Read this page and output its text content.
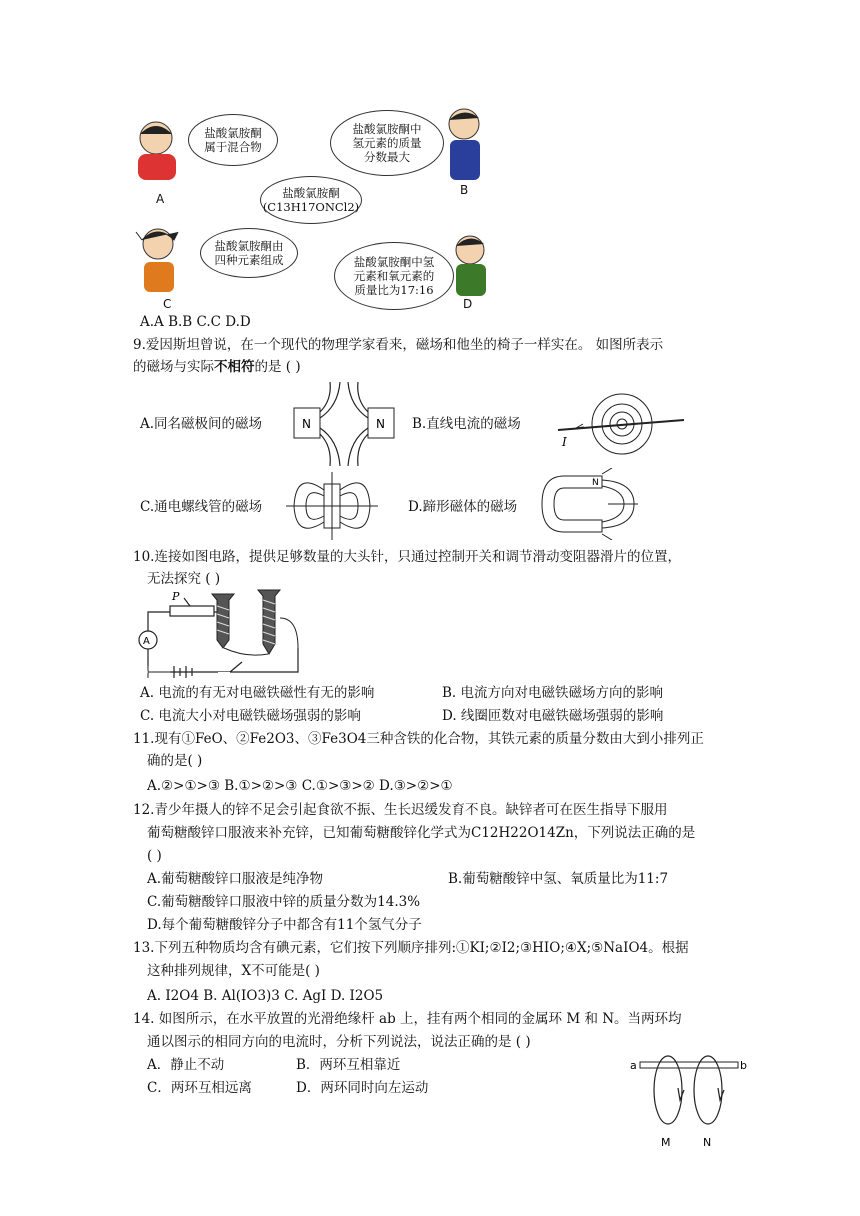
盐酸氯胺酮
属于混合物
A
盐酸氯胺酮中
氢元素的质量
分数最大
B
盐酸氯胺酮
(C13H17ONCl2)
盐酸氯胺酮由
四种元素组成
C
盐酸氯胺酮中氢
元素和氧元素的
质量比为17:16
D
A.A B.B C.C D.D
9.爱因斯坦曾说，在一个现代的物理学家看来，磁场和他坐的椅子一样实在。 如图所表示
的磁场与实际不相符的是 ( )
A.同名磁极间的磁场	N	N B.直线电流的磁场
I
C.通电螺线管的磁场	D.蹄形磁体的磁场
N
10.连接如图电路，提供足够数量的大头针，只通过控制开关和调节滑动变阻器滑片的位置，
无法探究 ( )
P
A
A. 电流的有无对电磁铁磁性有无的影响	B. 电流方向对电磁铁磁场方向的影响
C. 电流大小对电磁铁磁场强弱的影响	D. 线圈匝数对电磁铁磁场强弱的影响
11.现有①FeO、②Fe2O3、③Fe3O4三种含铁的化合物，其铁元素的质量分数由大到小排列正
确的是( )
A.②>①>③ B.①>②>③ C.①>③>② D.③>②>①
12.青少年摄人的锌不足会引起食欲不振、生长迟缓发育不良。缺锌者可在医生指导下服用
葡萄糖酸锌口服液来补充锌，已知葡萄糖酸锌化学式为C12H22O14Zn，下列说法正确的是
( )
A.葡萄糖酸锌口服液是纯净物	B.葡萄糖酸锌中氢、氧质量比为11:7
C.葡萄糖酸锌口服液中锌的质量分数为14.3%
D.每个葡萄糖酸锌分子中都含有11个氢气分子
13.下列五种物质均含有碘元素，它们按下列顺序排列:①KI;②I2;③HIO;④X;⑤NaIO4。根据
这种排列规律，X不可能是( )
A. I2O4 B. Al(IO3)3 C. AgI D. I2O5
14. 如图所示，在水平放置的光滑绝缘杆 ab 上，挂有两个相同的金属环 M 和 N。当两环均
通以图示的相同方向的电流时，分析下列说法，说法正确的是 ( )
A．静止不动	B．两环互相靠近
C．两环互相远离	D．两环同时向左运动
a	b
M	N
